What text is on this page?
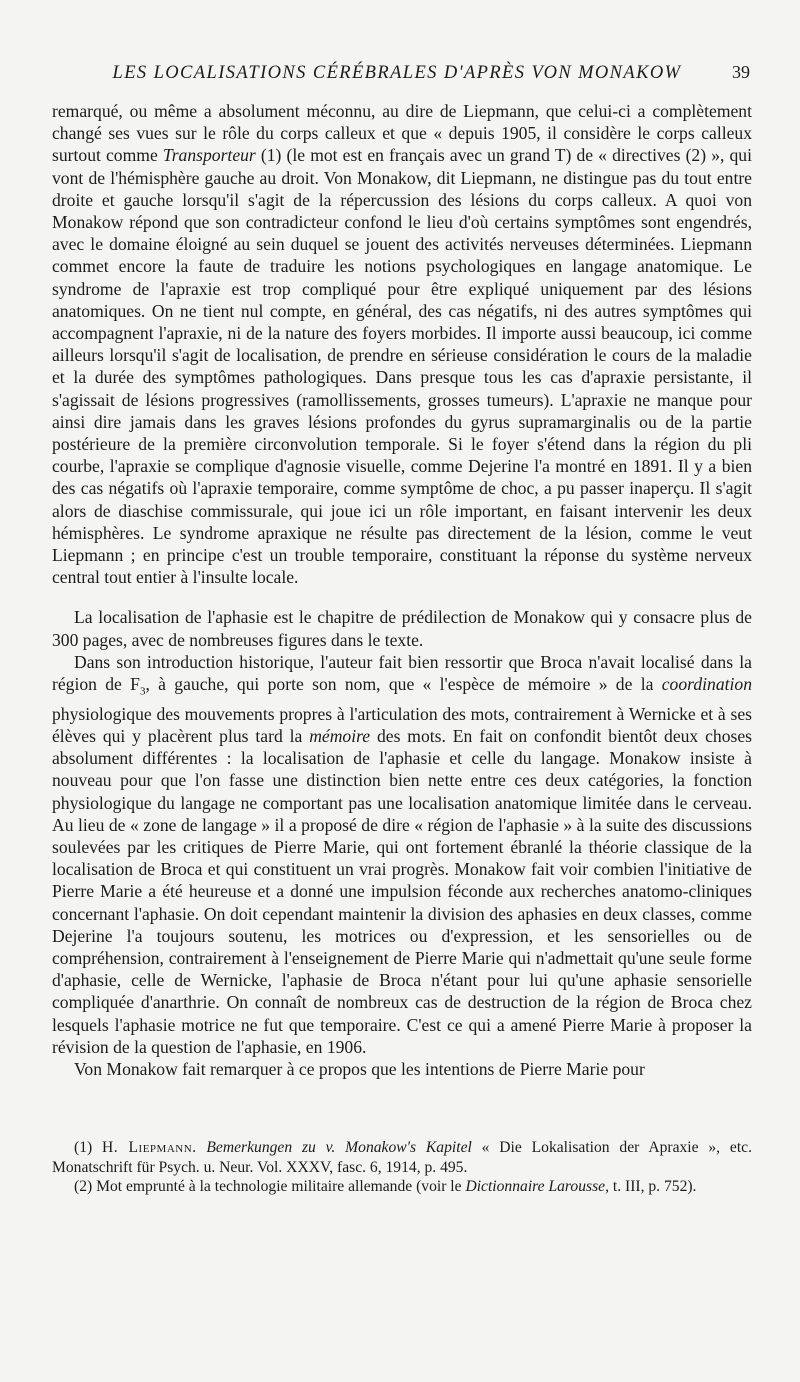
LES LOCALISATIONS CÉRÉBRALES D'APRÈS VON MONAKOW	39

remarqué, ou même a absolument méconnu, au dire de Liepmann, que celui-ci a complètement changé ses vues sur le rôle du corps calleux et que « depuis 1905, il considère le corps calleux surtout comme Transporteur (1) (le mot est en français avec un grand T) de « directives (2) », qui vont de l'hémisphère gauche au droit. Von Monakow, dit Liepmann, ne distingue pas du tout entre droite et gauche lorsqu'il s'agit de la répercussion des lésions du corps calleux. A quoi von Monakow répond que son contradicteur confond le lieu d'où certains symptômes sont engendrés, avec le domaine éloigné au sein duquel se jouent des activités nerveuses déterminées. Liepmann commet encore la faute de traduire les notions psychologiques en langage anatomique. Le syndrome de l'apraxie est trop compliqué pour être expliqué uniquement par des lésions anatomiques. On ne tient nul compte, en général, des cas négatifs, ni des autres symptômes qui accompagnent l'apraxie, ni de la nature des foyers morbides. Il importe aussi beaucoup, ici comme ailleurs lorsqu'il s'agit de localisation, de prendre en sérieuse considération le cours de la maladie et la durée des symptômes pathologiques. Dans presque tous les cas d'apraxie persistante, il s'agissait de lésions progressives (ramollissements, grosses tumeurs). L'apraxie ne manque pour ainsi dire jamais dans les graves lésions profondes du gyrus supramarginalis ou de la partie postérieure de la première circonvolution temporale. Si le foyer s'étend dans la région du pli courbe, l'apraxie se complique d'agnosie visuelle, comme Dejerine l'a montré en 1891. Il y a bien des cas négatifs où l'apraxie temporaire, comme symptôme de choc, a pu passer inaperçu. Il s'agit alors de diaschise commissurale, qui joue ici un rôle important, en faisant intervenir les deux hémisphères. Le syndrome apraxique ne résulte pas directement de la lésion, comme le veut Liepmann ; en principe c'est un trouble temporaire, constituant la réponse du système nerveux central tout entier à l'insulte locale.

La localisation de l'aphasie est le chapitre de prédilection de Monakow qui y consacre plus de 300 pages, avec de nombreuses figures dans le texte.

Dans son introduction historique, l'auteur fait bien ressortir que Broca n'avait localisé dans la région de $F_3$, à gauche, qui porte son nom, que « l'espèce de mémoire » de la coordination physiologique des mouvements propres à l'articulation des mots, contrairement à Wernicke et à ses élèves qui y placèrent plus tard la mémoire des mots. En fait on confondit bientôt deux choses absolument différentes : la localisation de l'aphasie et celle du langage. Monakow insiste à nouveau pour que l'on fasse une distinction bien nette entre ces deux catégories, la fonction physiologique du langage ne comportant pas une localisation anatomique limitée dans le cerveau. Au lieu de « zone de langage » il a proposé de dire « région de l'aphasie » à la suite des discussions soulevées par les critiques de Pierre Marie, qui ont fortement ébranlé la théorie classique de la localisation de Broca et qui constituent un vrai progrès. Monakow fait voir combien l'initiative de Pierre Marie a été heureuse et a donné une impulsion féconde aux recherches anatomo-cliniques concernant l'aphasie. On doit cependant maintenir la division des aphasies en deux classes, comme Dejerine l'a toujours soutenu, les motrices ou d'expression, et les sensorielles ou de compréhension, contrairement à l'enseignement de Pierre Marie qui n'admettait qu'une seule forme d'aphasie, celle de Wernicke, l'aphasie de Broca n'étant pour lui qu'une aphasie sensorielle compliquée d'anarthrie. On connaît de nombreux cas de destruction de la région de Broca chez lesquels l'aphasie motrice ne fut que temporaire. C'est ce qui a amené Pierre Marie à proposer la révision de la question de l'aphasie, en 1906.

Von Monakow fait remarquer à ce propos que les intentions de Pierre Marie pour

(1) H. Liepmann. Bemerkungen zu v. Monakow's Kapitel « Die Lokalisation der Apraxie », etc. Monatschrift für Psych. u. Neur. Vol. XXXV, fasc. 6, 1914, p. 495.

(2) Mot emprunté à la technologie militaire allemande (voir le Dictionnaire Larousse, t. III, p. 752).
